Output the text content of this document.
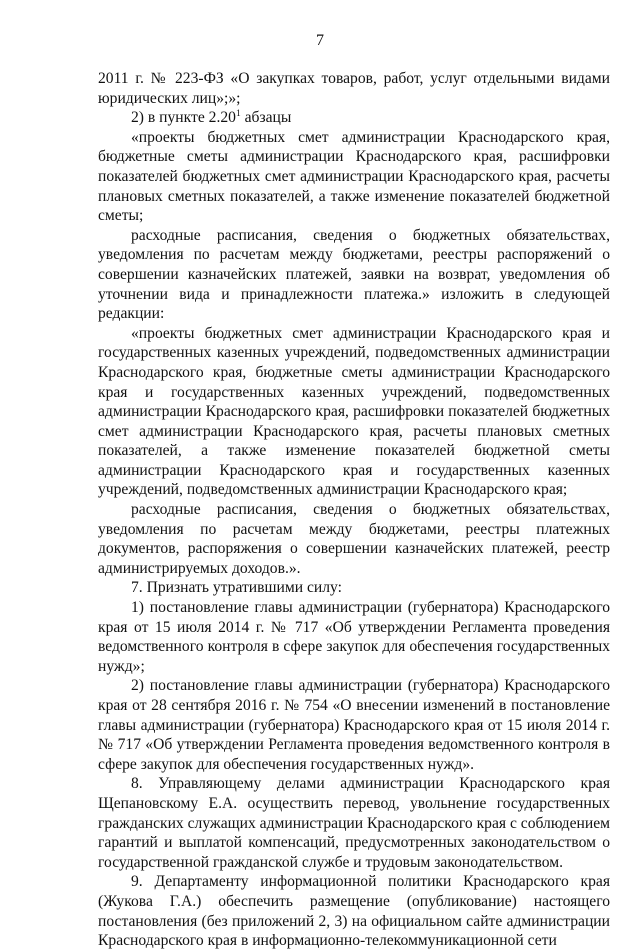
7

2011 г. № 223-ФЗ «О закупках товаров, работ, услуг отдельными видами юридических лиц»;»;

2) в пункте 2.20$^1$ абзацы

«проекты бюджетных смет администрации Краснодарского края, бюджетные сметы администрации Краснодарского края, расшифровки показателей бюджетных смет администрации Краснодарского края, расчеты плановых сметных показателей, а также изменение показателей бюджетной сметы;

расходные расписания, сведения о бюджетных обязательствах, уведомления по расчетам между бюджетами, реестры распоряжений о совершении казначейских платежей, заявки на возврат, уведомления об уточнении вида и принадлежности платежа.» изложить в следующей редакции:

«проекты бюджетных смет администрации Краснодарского края и государственных казенных учреждений, подведомственных администрации Краснодарского края, бюджетные сметы администрации Краснодарского края и государственных казенных учреждений, подведомственных администрации Краснодарского края, расшифровки показателей бюджетных смет администрации Краснодарского края, расчеты плановых сметных показателей, а также изменение показателей бюджетной сметы администрации Краснодарского края и государственных казенных учреждений, подведомственных администрации Краснодарского края;

расходные расписания, сведения о бюджетных обязательствах, уведомления по расчетам между бюджетами, реестры платежных документов, распоряжения о совершении казначейских платежей, реестр администрируемых доходов.».

7. Признать утратившими силу:

1) постановление главы администрации (губернатора) Краснодарского края от 15 июля 2014 г. № 717 «Об утверждении Регламента проведения ведомственного контроля в сфере закупок для обеспечения государственных нужд»;

2) постановление главы администрации (губернатора) Краснодарского края от 28 сентября 2016 г. № 754 «О внесении изменений в постановление главы администрации (губернатора) Краснодарского края от 15 июля 2014 г. № 717 «Об утверждении Регламента проведения ведомственного контроля в сфере закупок для обеспечения государственных нужд».

8. Управляющему делами администрации Краснодарского края Щепановскому Е.А. осуществить перевод, увольнение государственных гражданских служащих администрации Краснодарского края с соблюдением гарантий и выплатой компенсаций, предусмотренных законодательством о государственной гражданской службе и трудовым законодательством.

9. Департаменту информационной политики Краснодарского края (Жукова Г.А.) обеспечить размещение (опубликование) настоящего постановления (без приложений 2, 3) на официальном сайте администрации Краснодарского края в информационно-телекоммуникационной сети
